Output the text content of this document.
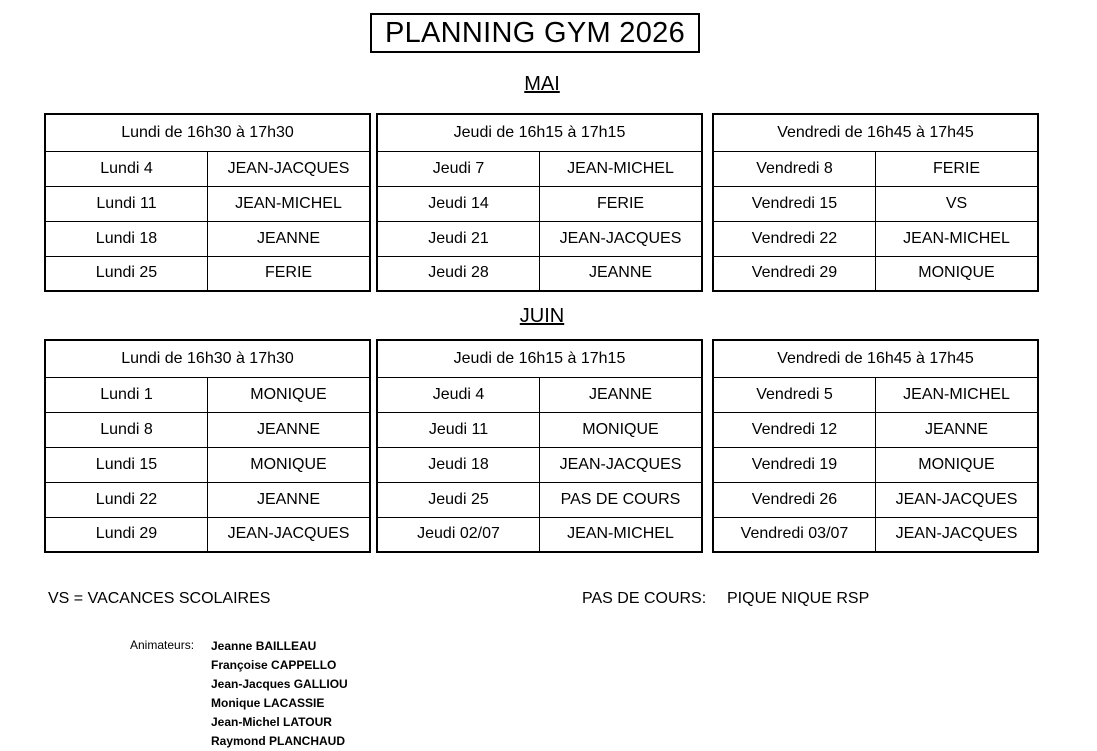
PLANNING GYM 2026
MAI
Lundi de 16h30 à 17h30	
Lundi 4	JEAN-JACQUES
Lundi 11	JEAN-MICHEL
Lundi 18	JEANNE
Lundi 25	FERIE
Jeudi de 16h15 à 17h15	
Jeudi 7	JEAN-MICHEL
Jeudi 14	FERIE
Jeudi 21	JEAN-JACQUES
Jeudi 28	JEANNE
Vendredi de 16h45 à 17h45	
Vendredi 8	FERIE
Vendredi 15	VS
Vendredi 22	JEAN-MICHEL
Vendredi 29	MONIQUE
JUIN
Lundi de 16h30 à 17h30	
Lundi 1	MONIQUE
Lundi 8	JEANNE
Lundi 15	MONIQUE
Lundi 22	JEANNE
Lundi 29	JEAN-JACQUES
Jeudi de 16h15 à 17h15	
Jeudi 4	JEANNE
Jeudi 11	MONIQUE
Jeudi 18	JEAN-JACQUES
Jeudi 25	PAS DE COURS
Jeudi 02/07	JEAN-MICHEL
Vendredi de 16h45 à 17h45	
Vendredi 5	JEAN-MICHEL
Vendredi 12	JEANNE
Vendredi 19	MONIQUE
Vendredi 26	JEAN-JACQUES
Vendredi 03/07	JEAN-JACQUES
VS = VACANCES SCOLAIRES	PAS DE COURS: PIQUE NIQUE RSP
Animateurs: Jeanne BAILLEAU
Françoise CAPPELLO
Jean-Jacques GALLIOU
Monique LACASSIE
Jean-Michel LATOUR
Raymond PLANCHAUD
